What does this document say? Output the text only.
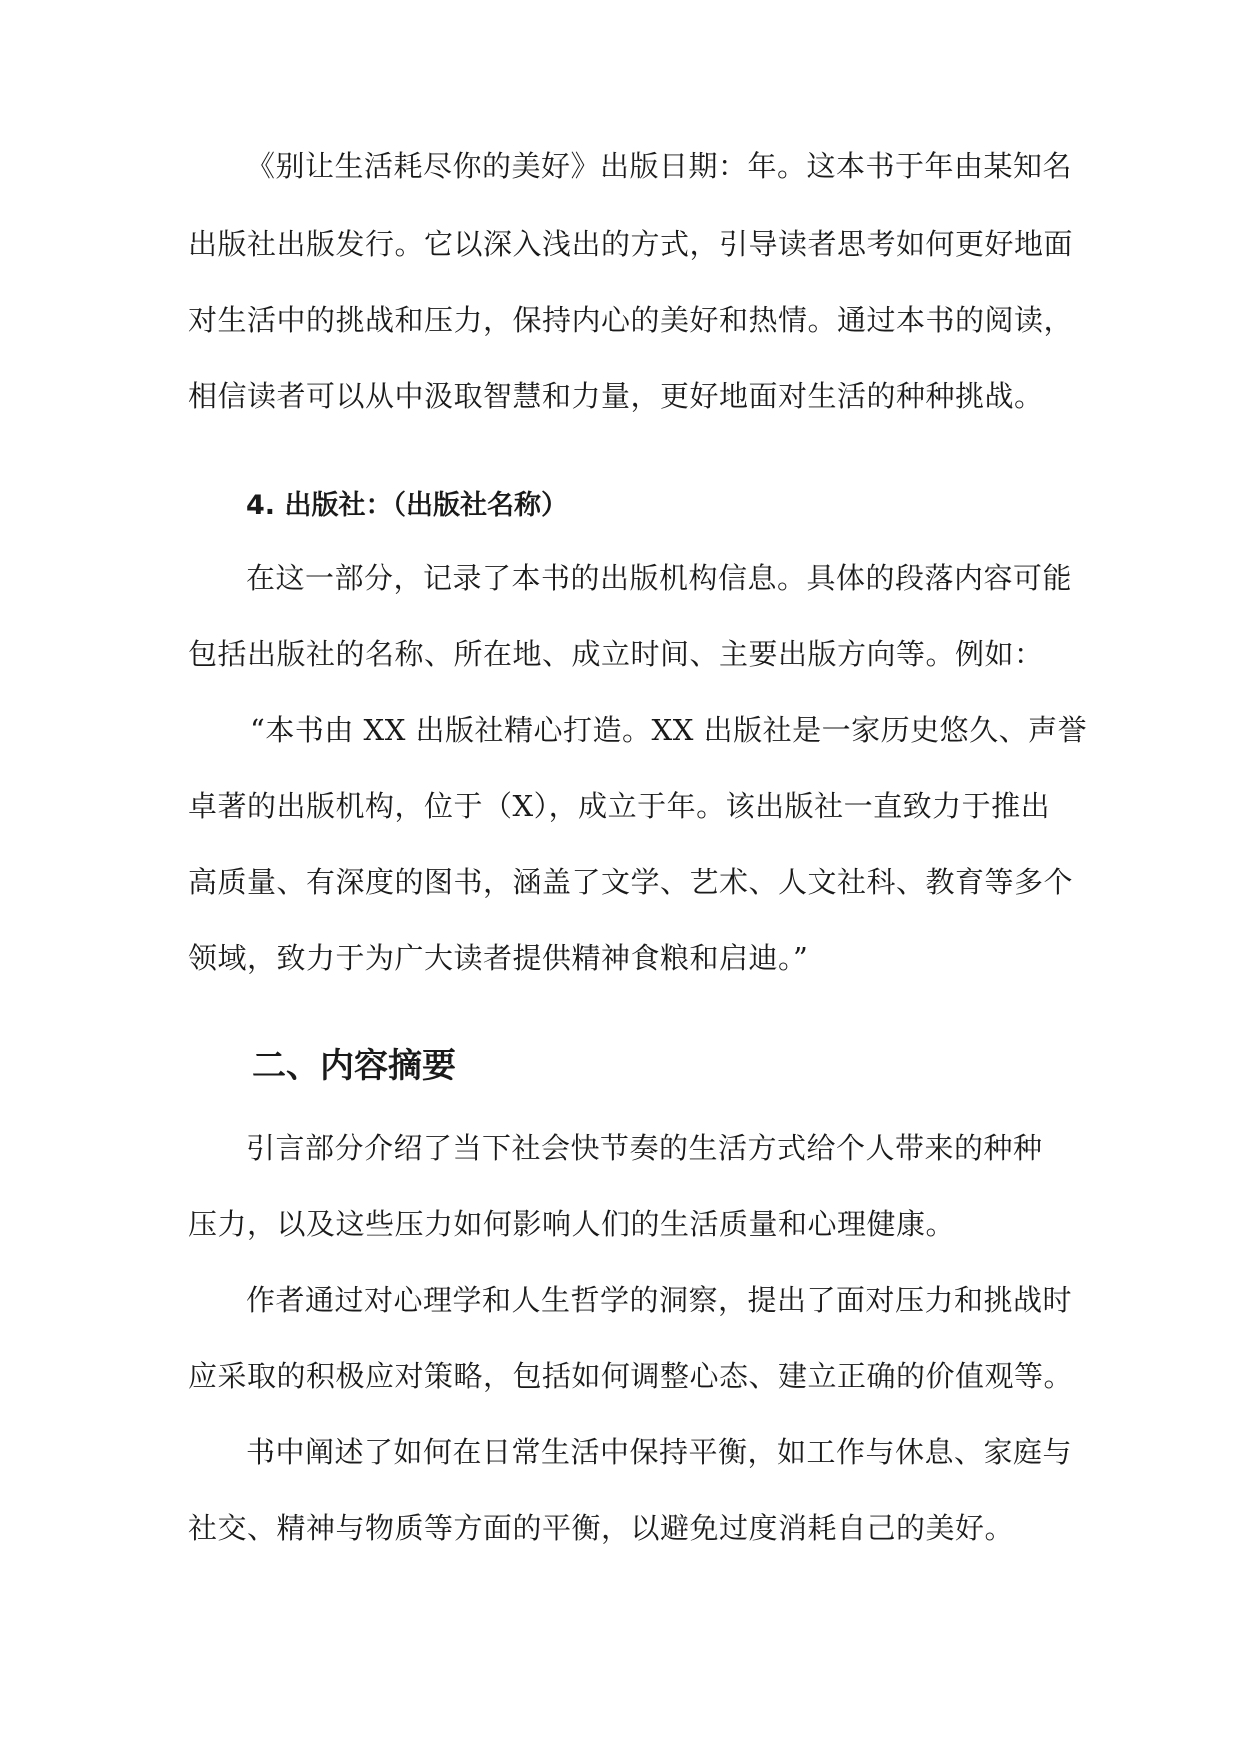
《别让生活耗尽你的美好》出版日期：年。这本书于年由某知名
出版社出版发行。它以深入浅出的方式，引导读者思考如何更好地面
对生活中的挑战和压力，保持内心的美好和热情。通过本书的阅读，
相信读者可以从中汲取智慧和力量，更好地面对生活的种种挑战。
4. 出版社：（出版社名称）
在这一部分，记录了本书的出版机构信息。具体的段落内容可能
包括出版社的名称、所在地、成立时间、主要出版方向等。例如：
“本书由 XX 出版社精心打造。XX 出版社是一家历史悠久、声誉
卓著的出版机构，位于（X），成立于年。该出版社一直致力于推出
高质量、有深度的图书，涵盖了文学、艺术、人文社科、教育等多个
领域，致力于为广大读者提供精神食粮和启迪。”
二、内容摘要
引言部分介绍了当下社会快节奏的生活方式给个人带来的种种
压力，以及这些压力如何影响人们的生活质量和心理健康。
作者通过对心理学和人生哲学的洞察，提出了面对压力和挑战时
应采取的积极应对策略，包括如何调整心态、建立正确的价值观等。
书中阐述了如何在日常生活中保持平衡，如工作与休息、家庭与
社交、精神与物质等方面的平衡，以避免过度消耗自己的美好。
